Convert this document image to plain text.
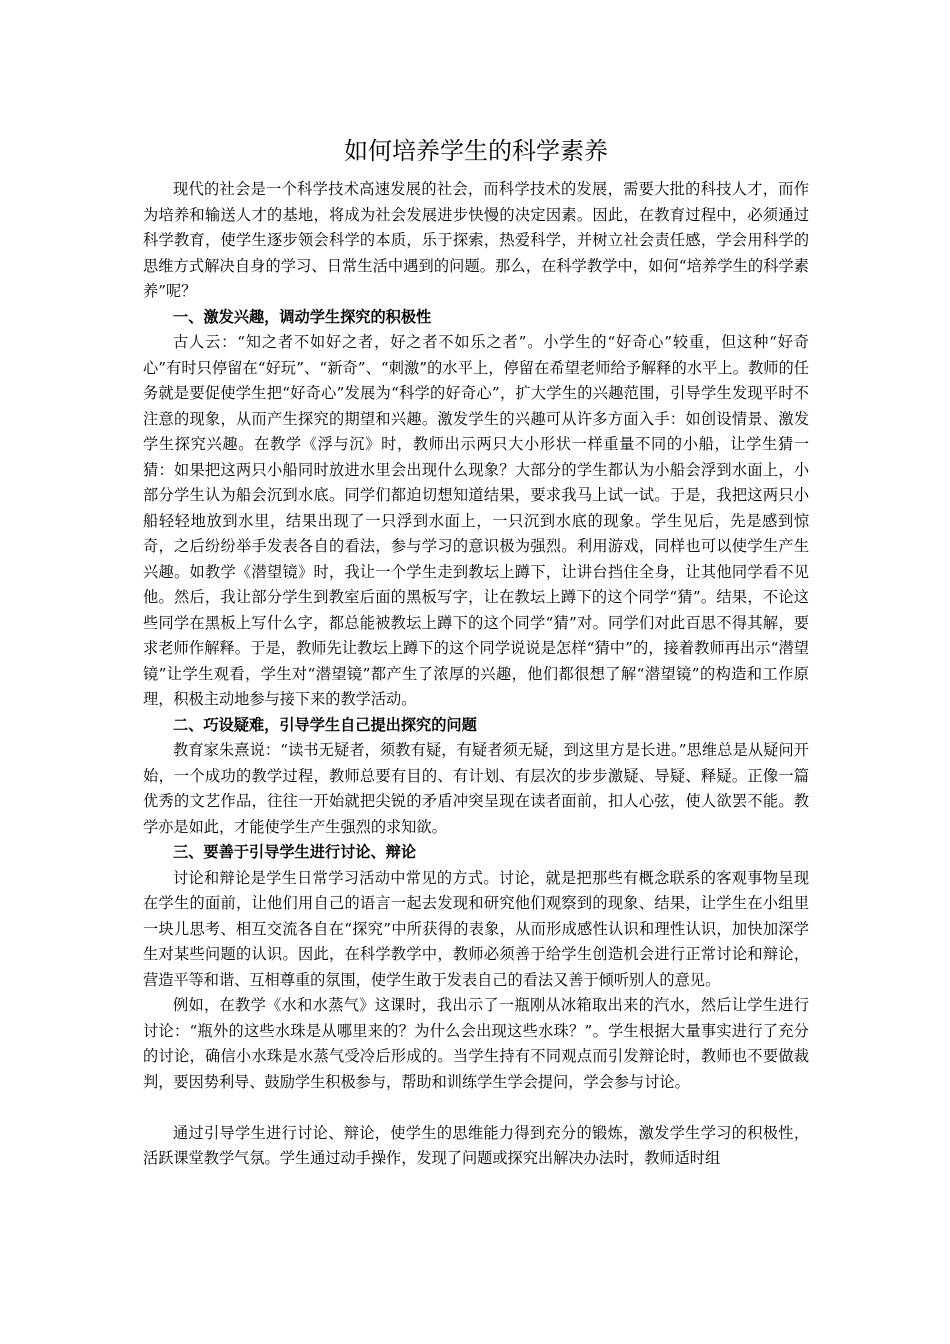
如何培养学生的科学素养

现代的社会是一个科学技术高速发展的社会，而科学技术的发展，需要大批的科技人才，而作为培养和输送人才的基地，将成为社会发展进步快慢的决定因素。因此，在教育过程中，必须通过科学教育，使学生逐步领会科学的本质，乐于探索，热爱科学，并树立社会责任感，学会用科学的思维方式解决自身的学习、日常生活中遇到的问题。那么，在科学教学中，如何“培养学生的科学素养”呢？

一、激发兴趣，调动学生探究的积极性

古人云：“知之者不如好之者，好之者不如乐之者”。小学生的“好奇心”较重，但这种“好奇心”有时只停留在“好玩”、“新奇”、“刺激”的水平上，停留在希望老师给予解释的水平上。教师的任务就是要促使学生把“好奇心”发展为“科学的好奇心”，扩大学生的兴趣范围，引导学生发现平时不注意的现象，从而产生探究的期望和兴趣。激发学生的兴趣可从许多方面入手：如创设情景、激发学生探究兴趣。在教学《浮与沉》时，教师出示两只大小形状一样重量不同的小船，让学生猜一猜：如果把这两只小船同时放进水里会出现什么现象？大部分的学生都认为小船会浮到水面上，小部分学生认为船会沉到水底。同学们都迫切想知道结果，要求我马上试一试。于是，我把这两只小船轻轻地放到水里，结果出现了一只浮到水面上，一只沉到水底的现象。学生见后，先是感到惊奇，之后纷纷举手发表各自的看法，参与学习的意识极为强烈。利用游戏，同样也可以使学生产生兴趣。如教学《潜望镜》时，我让一个学生走到教坛上蹲下，让讲台挡住全身，让其他同学看不见他。然后，我让部分学生到教室后面的黑板写字，让在教坛上蹲下的这个同学“猜”。结果，不论这些同学在黑板上写什么字，都总能被教坛上蹲下的这个同学“猜”对。同学们对此百思不得其解，要求老师作解释。于是，教师先让教坛上蹲下的这个同学说说是怎样“猜中”的，接着教师再出示“潜望镜”让学生观看，学生对“潜望镜”都产生了浓厚的兴趣，他们都很想了解“潜望镜”的构造和工作原理，积极主动地参与接下来的教学活动。

二、巧设疑难，引导学生自己提出探究的问题

教育家朱熹说：“读书无疑者，须教有疑，有疑者须无疑，到这里方是长进。”思维总是从疑问开始，一个成功的教学过程，教师总要有目的、有计划、有层次的步步激疑、导疑、释疑。正像一篇优秀的文艺作品，往往一开始就把尖锐的矛盾冲突呈现在读者面前，扣人心弦，使人欲罢不能。教学亦是如此，才能使学生产生强烈的求知欲。

三、要善于引导学生进行讨论、辩论

讨论和辩论是学生日常学习活动中常见的方式。讨论，就是把那些有概念联系的客观事物呈现在学生的面前，让他们用自己的语言一起去发现和研究他们观察到的现象、结果，让学生在小组里一块儿思考、相互交流各自在“探究”中所获得的表象，从而形成感性认识和理性认识，加快加深学生对某些问题的认识。因此，在科学教学中，教师必须善于给学生创造机会进行正常讨论和辩论，营造平等和谐、互相尊重的氛围，使学生敢于发表自己的看法又善于倾听别人的意见。

例如，在教学《水和水蒸气》这课时，我出示了一瓶刚从冰箱取出来的汽水，然后让学生进行讨论：“瓶外的这些水珠是从哪里来的？为什么会出现这些水珠？”。学生根据大量事实进行了充分的讨论，确信小水珠是水蒸气受冷后形成的。当学生持有不同观点而引发辩论时，教师也不要做裁判，要因势利导、鼓励学生积极参与，帮助和训练学生学会提问，学会参与讨论。

通过引导学生进行讨论、辩论，使学生的思维能力得到充分的锻炼，激发学生学习的积极性，活跃课堂教学气氛。学生通过动手操作，发现了问题或探究出解决办法时，教师适时组
